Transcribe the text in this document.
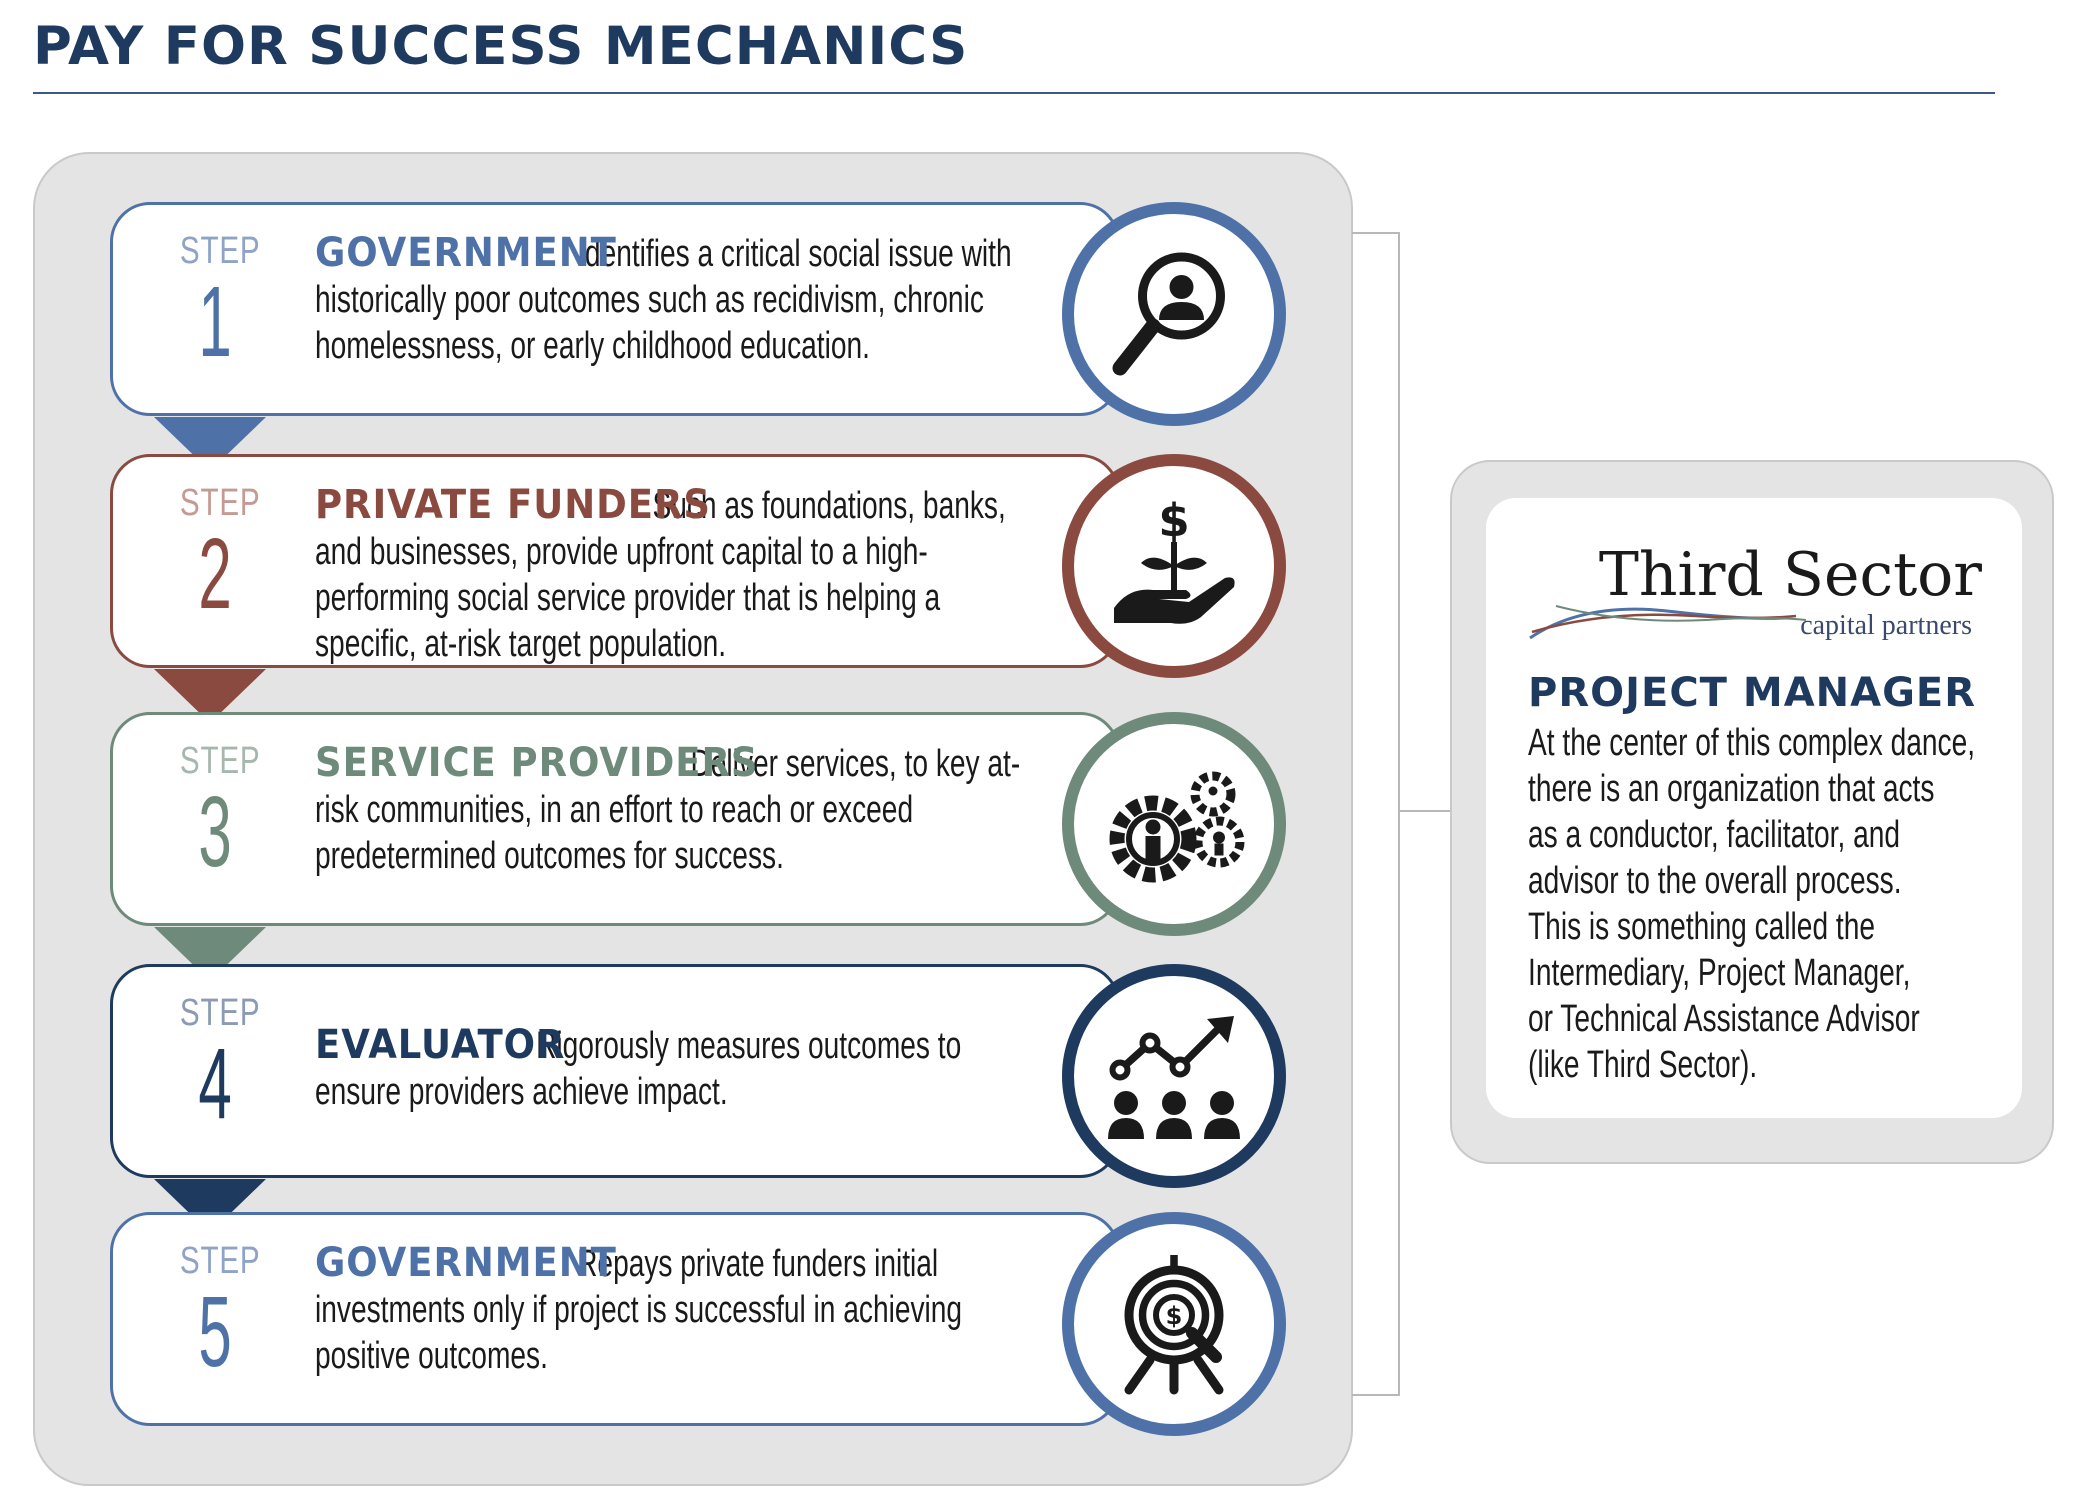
PAY FOR SUCCESS MECHANICS
STEP
1
GOVERNMENTIdentifies a critical social issue with historically poor outcomes such as recidivism, chronic homelessness, or early childhood education.
STEP
2
PRIVATE FUNDERSSuch as foundations, banks, and businesses, provide upfront capital to a high-performing social service provider that is helping a specific, at-risk target population.
$
STEP
3
SERVICE PROVIDERSDeliver services, to key at-risk communities, in an effort to reach or exceed predetermined outcomes for success.
STEP
4 EVALUATORRigorously measures outcomes to ensure providers achieve impact.
STEP
5
GOVERNMENTRepays private funders initial investments only if project is successful in achieving positive outcomes.
$
Third Sector
capital partners
PROJECT MANAGER
At the center of this complex dance,
there is an organization that acts
as a conductor, facilitator, and
advisor to the overall process.
This is something called the
Intermediary, Project Manager,
or Technical Assistance Advisor
(like Third Sector).
